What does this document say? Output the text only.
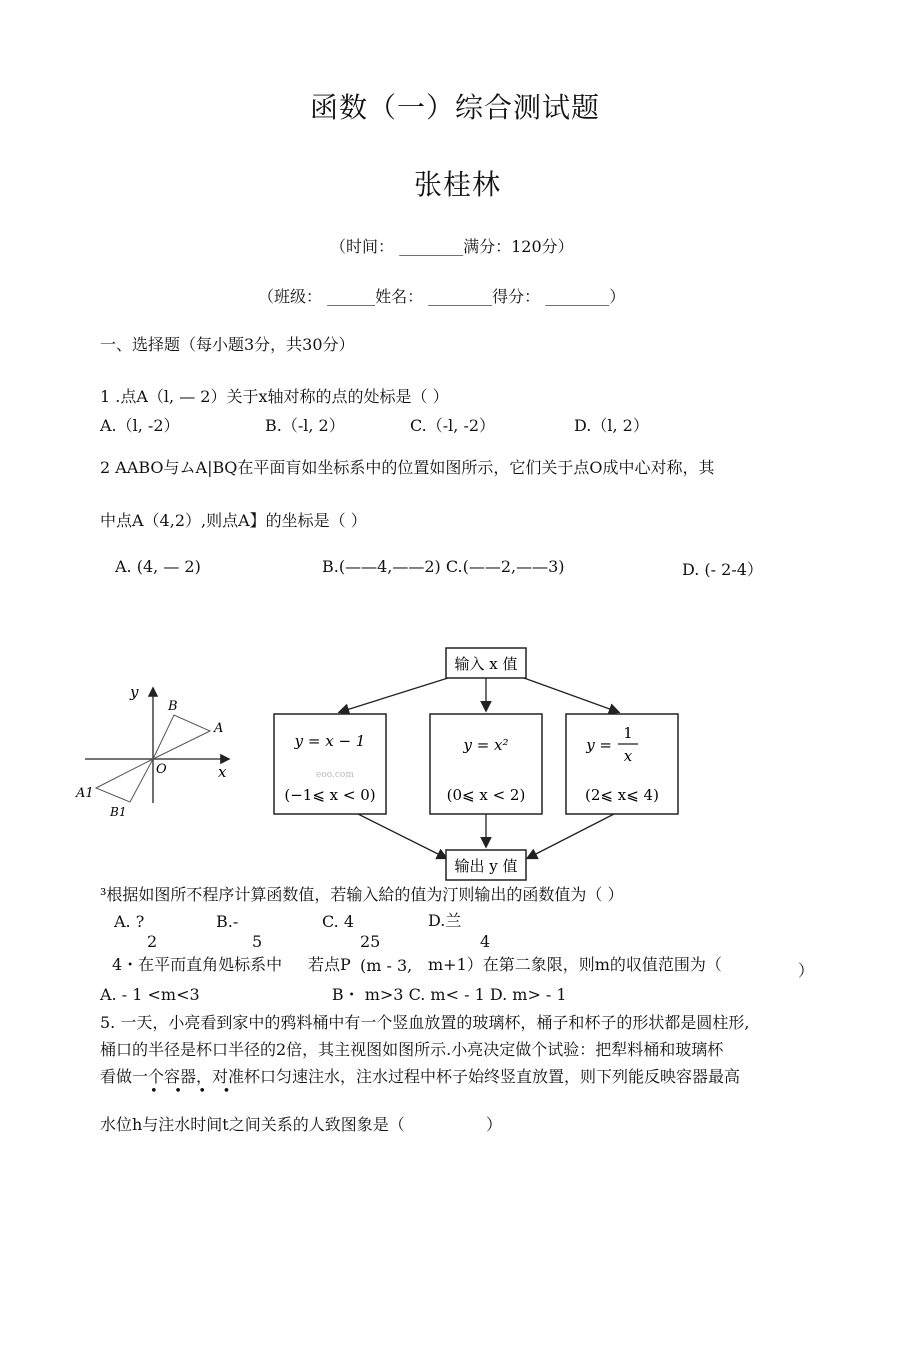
函数（一）综合测试题
张桂林
（时间： ________满分：120分）
（班级： ______姓名： ________得分： ________）
一、选择题（每小题3分，共30分）
1 .点A（l, — 2）关于x轴对称的点的处标是（ ）
A.（l, -2）	B.（-l, 2）	C.（-l, -2）	D.（l, 2）
2 AABO与ムA|BQ在平面肓如坐标系中的位置如图所示，它们关于点O成中心对称，其
中点A（4,2）,则点A】的坐标是（ ）
A. (4, — 2)	B.(——4,——2) C.(——2,——3)	D. (- 2-4）
y
x
B
A
O
A1
B1
输入 x 值
y = x − 1
(−1⩽ x < 0)
y = x²
(0⩽ x < 2)
eoo.com
y =
1
x
(2⩽ x⩽ 4)
输出 y 值
³根据如图所不程序计算函数值，若输入給的值为汀则输出的函数值为（ ）
A. ?	B.-	C. 4	D.兰
2	5	25	4
4・在平而直角処标系中 若点P (m - 3, m+1）在第二象限，则m的収值范围为（	）
A. - 1 <m<3                          B・ m>3 C. m< - 1 D. m> - 1
5. 一天，小亮看到家中的鸦料桶中有一个竖血放置的玻璃杯，桶子和杯子的形状都是圆柱形,
桶口的半径是杯口半径的2倍，其主视图如图所示.小亮决定做个试验：把犁料桶和玻璃杯
看做一个容器，对准杯口匀速注水，注水过程中杯子始终竖直放置，则下列能反映容器最高
•    •    •    •
水位h与注水时间t之间关系的人致图象是（	）
